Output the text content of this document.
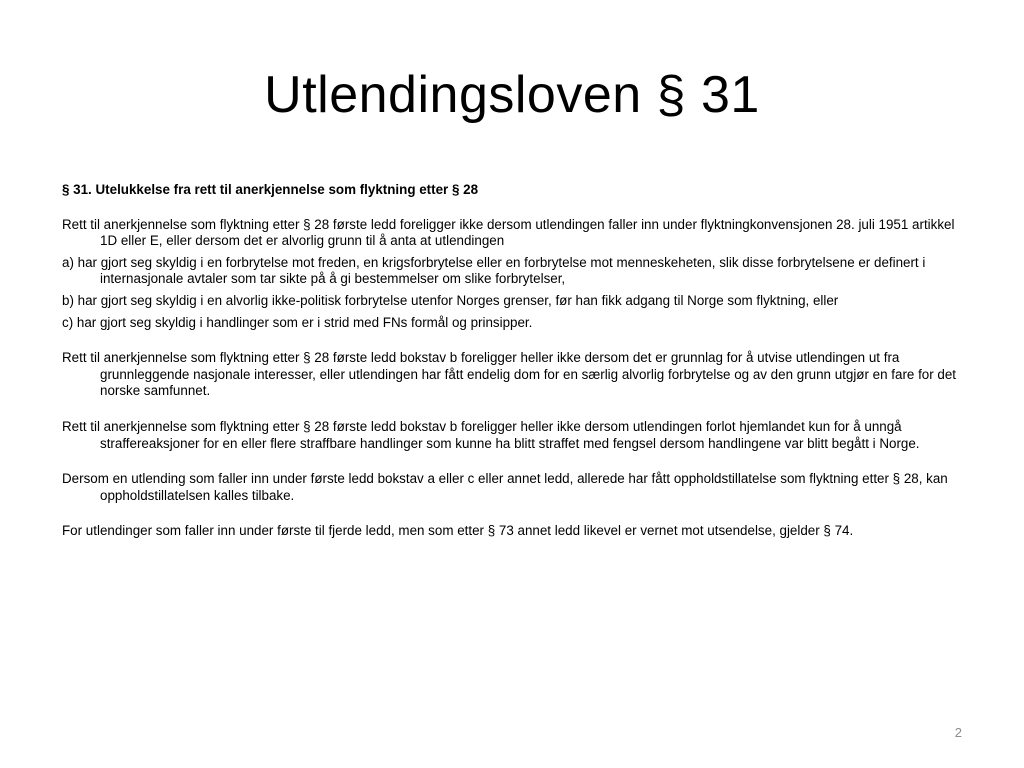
Utlendingsloven § 31

§ 31. Utelukkelse fra rett til anerkjennelse som flyktning etter § 28

Rett til anerkjennelse som flyktning etter § 28 første ledd foreligger ikke dersom utlendingen faller inn under flyktningkonvensjonen 28. juli 1951 artikkel 1D eller E, eller dersom det er alvorlig grunn til å anta at utlendingen

a) har gjort seg skyldig i en forbrytelse mot freden, en krigsforbrytelse eller en forbrytelse mot menneskeheten, slik disse forbrytelsene er definert i internasjonale avtaler som tar sikte på å gi bestemmelser om slike forbrytelser,

b) har gjort seg skyldig i en alvorlig ikke-politisk forbrytelse utenfor Norges grenser, før han fikk adgang til Norge som flyktning, eller

c) har gjort seg skyldig i handlinger som er i strid med FNs formål og prinsipper.

Rett til anerkjennelse som flyktning etter § 28 første ledd bokstav b foreligger heller ikke dersom det er grunnlag for å utvise utlendingen ut fra grunnleggende nasjonale interesser, eller utlendingen har fått endelig dom for en særlig alvorlig forbrytelse og av den grunn utgjør en fare for det norske samfunnet.

Rett til anerkjennelse som flyktning etter § 28 første ledd bokstav b foreligger heller ikke dersom utlendingen forlot hjemlandet kun for å unngå straffereaksjoner for en eller flere straffbare handlinger som kunne ha blitt straffet med fengsel dersom handlingene var blitt begått i Norge.

Dersom en utlending som faller inn under første ledd bokstav a eller c eller annet ledd, allerede har fått oppholdstillatelse som flyktning etter § 28, kan oppholdstillatelsen kalles tilbake.

For utlendinger som faller inn under første til fjerde ledd, men som etter § 73 annet ledd likevel er vernet mot utsendelse, gjelder § 74.

2
